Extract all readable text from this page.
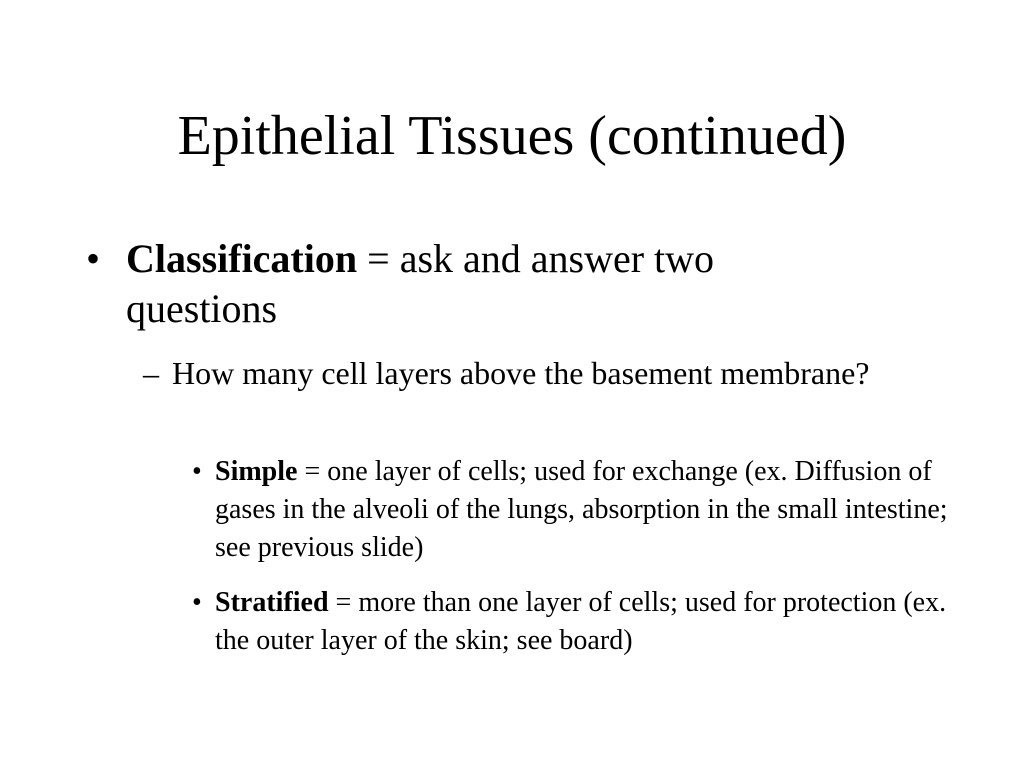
Epithelial Tissues (continued)
• Classification = ask and answer two questions
– How many cell layers above the basement membrane?
• Simple = one layer of cells; used for exchange (ex. Diffusion of gases in the alveoli of the lungs, absorption in the small intestine; see previous slide)
• Stratified = more than one layer of cells; used for protection (ex. the outer layer of the skin; see board)
